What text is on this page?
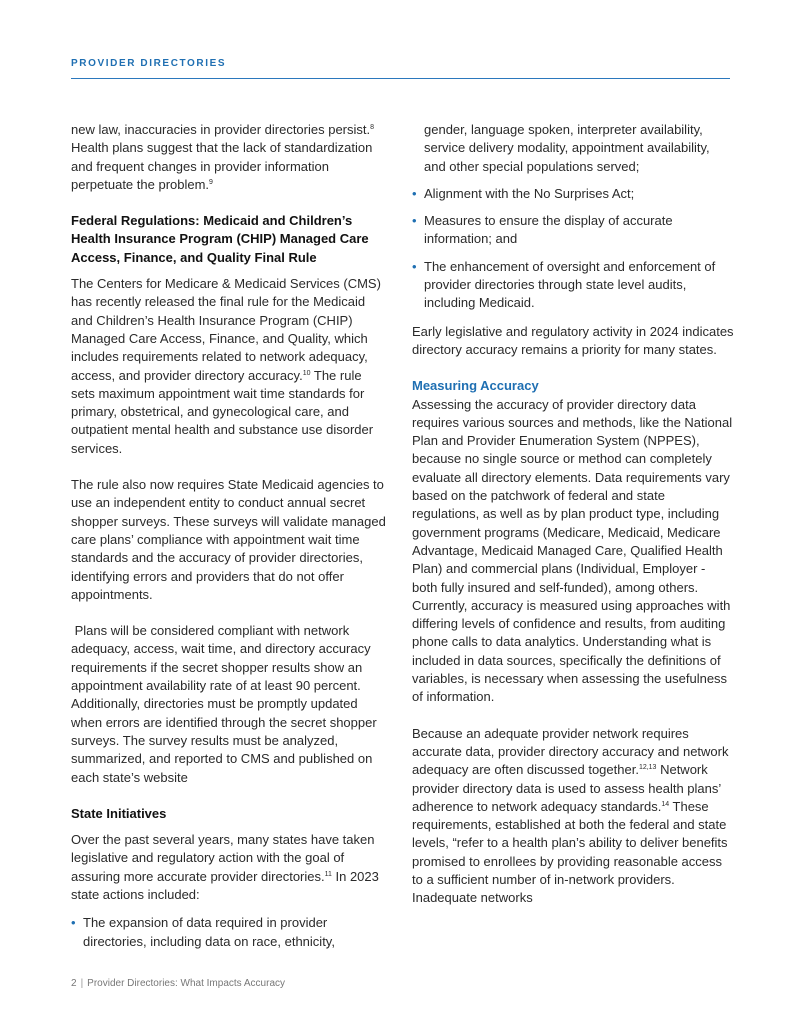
PROVIDER DIRECTORIES

new law, inaccuracies in provider directories persist.$^8$ Health plans suggest that the lack of standardization and frequent changes in provider information perpetuate the problem.$^9$

Federal Regulations: Medicaid and Children’s Health Insurance Program (CHIP) Managed Care Access, Finance, and Quality Final Rule

The Centers for Medicare & Medicaid Services (CMS) has recently released the final rule for the Medicaid and Children’s Health Insurance Program (CHIP) Managed Care Access, Finance, and Quality, which includes requirements related to network adequacy, access, and provider directory accuracy.$^{10}$ The rule sets maximum appointment wait time standards for primary, obstetrical, and gynecological care, and outpatient mental health and substance use disorder services.

The rule also now requires State Medicaid agencies to use an independent entity to conduct annual secret shopper surveys. These surveys will validate managed care plans’ compliance with appointment wait time standards and the accuracy of provider directories, identifying errors and providers that do not offer appointments.

Plans will be considered compliant with network adequacy, access, wait time, and directory accuracy requirements if the secret shopper results show an appointment availability rate of at least 90 percent. Additionally, directories must be promptly updated when errors are identified through the secret shopper surveys. The survey results must be analyzed, summarized, and reported to CMS and published on each state’s website

State Initiatives

Over the past several years, many states have taken legislative and regulatory action with the goal of assuring more accurate provider directories.$^{11}$ In 2023 state actions included:

• The expansion of data required in provider directories, including data on race, ethnicity,
gender, language spoken, interpreter availability, service delivery modality, appointment availability, and other special populations served;
• Alignment with the No Surprises Act;
• Measures to ensure the display of accurate information; and
• The enhancement of oversight and enforcement of provider directories through state level audits, including Medicaid.

Early legislative and regulatory activity in 2024 indicates directory accuracy remains a priority for many states.

Measuring Accuracy

Assessing the accuracy of provider directory data requires various sources and methods, like the National Plan and Provider Enumeration System (NPPES), because no single source or method can completely evaluate all directory elements. Data requirements vary based on the patchwork of federal and state regulations, as well as by plan product type, including government programs (Medicare, Medicaid, Medicare Advantage, Medicaid Managed Care, Qualified Health Plan) and commercial plans (Individual, Employer - both fully insured and self-funded), among others. Currently, accuracy is measured using approaches with differing levels of confidence and results, from auditing phone calls to data analytics. Understanding what is included in data sources, specifically the definitions of variables, is necessary when assessing the usefulness of information.

Because an adequate provider network requires accurate data, provider directory accuracy and network adequacy are often discussed together.$^{12,13}$ Network provider directory data is used to assess health plans’ adherence to network adequacy standards.$^{14}$ These requirements, established at both the federal and state levels, “refer to a health plan’s ability to deliver benefits promised to enrollees by providing reasonable access to a sufficient number of in-network providers. Inadequate networks

2 | Provider Directories: What Impacts Accuracy
